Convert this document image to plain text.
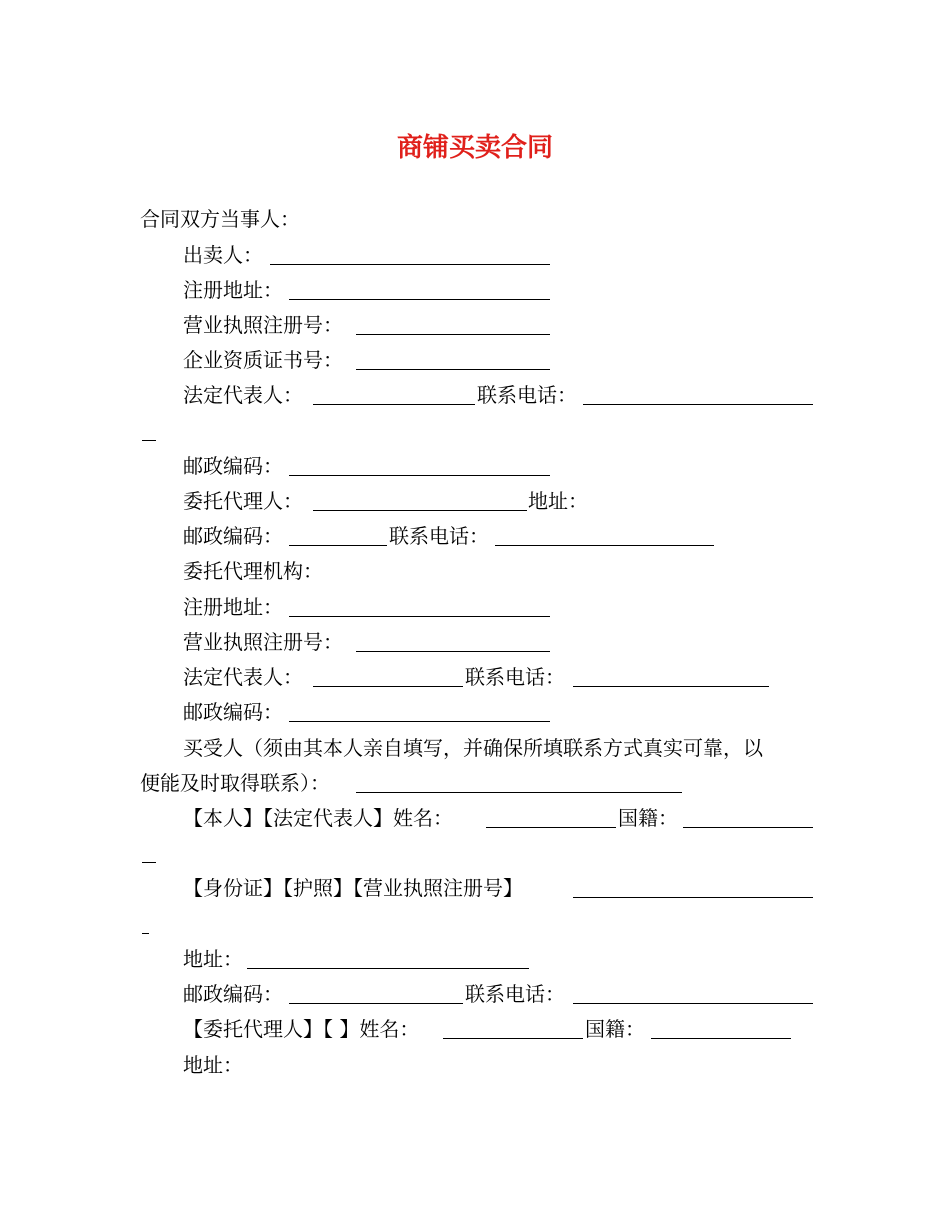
商铺买卖合同
合同双方当事人：
出卖人：
注册地址：
营业执照注册号：
企业资质证书号：
法定代表人：	联系电话：
邮政编码：
委托代理人：	地址：
邮政编码：	联系电话：
委托代理机构：
注册地址：
营业执照注册号：
法定代表人：	联系电话：
邮政编码：
买受人（须由其本人亲自填写，并确保所填联系方式真实可靠，以
便能及时取得联系）：
【本人】【法定代表人】姓名：	国籍：
【身份证】【护照】【营业执照注册号】
地址：
邮政编码：	联系电话：
【委托代理人】【 】姓名：	国籍：
地址：
